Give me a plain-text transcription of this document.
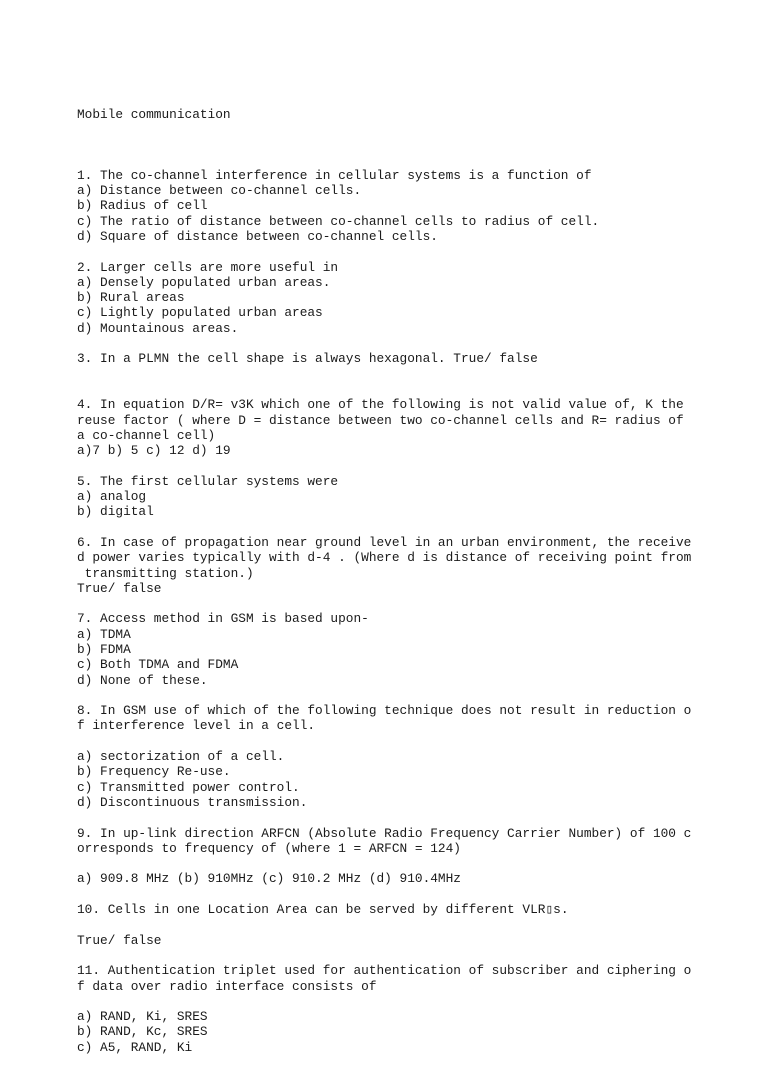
Mobile communication

1. The co-channel interference in cellular systems is a function of
a) Distance between co-channel cells.
b) Radius of cell
c) The ratio of distance between co-channel cells to radius of cell.
d) Square of distance between co-channel cells.
2. Larger cells are more useful in
a) Densely populated urban areas.
b) Rural areas
c) Lightly populated urban areas
d) Mountainous areas.
3. In a PLMN the cell shape is always hexagonal. True/ false
4. In equation D/R= v3K which one of the following is not valid value of, K the
reuse factor ( where D = distance between two co-channel cells and R= radius of
a co-channel cell)
a)7 b) 5 c) 12 d) 19
5. The first cellular systems were
a) analog
b) digital
6. In case of propagation near ground level in an urban environment, the receive
d power varies typically with d-4 . (Where d is distance of receiving point from
transmitting station.)
True/ false
7. Access method in GSM is based upon-
a) TDMA
b) FDMA
c) Both TDMA and FDMA
d) None of these.
8. In GSM use of which of the following technique does not result in reduction o
f interference level in a cell.
a) sectorization of a cell.
b) Frequency Re-use.
c) Transmitted power control.
d) Discontinuous transmission.
9. In up-link direction ARFCN (Absolute Radio Frequency Carrier Number) of 100 c
orresponds to frequency of (where 1 = ARFCN = 124)
a) 909.8 MHz (b) 910MHz (c) 910.2 MHz (d) 910.4MHz
10. Cells in one Location Area can be served by different VLR▯s.
True/ false
11. Authentication triplet used for authentication of subscriber and ciphering o
f data over radio interface consists of
a) RAND, Ki, SRES
b) RAND, Kc, SRES
c) A5, RAND, Ki
